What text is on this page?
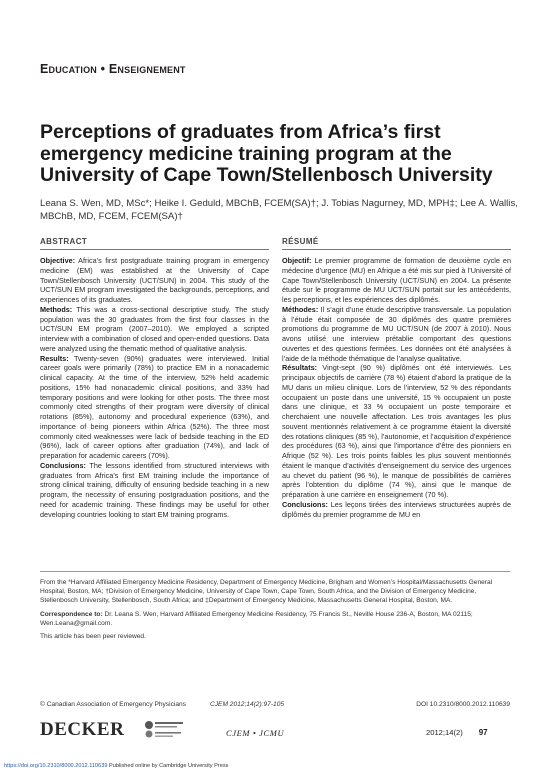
Education • Enseignement
Perceptions of graduates from Africa’s first emergency medicine training program at the University of Cape Town/Stellenbosch University
Leana S. Wen, MD, MSc*; Heike I. Geduld, MBChB, FCEM(SA)†; J. Tobias Nagurney, MD, MPH‡; Lee A. Wallis, MBChB, MD, FCEM, FCEM(SA)†
ABSTRACT

Objective: Africa’s first postgraduate training program in emergency medicine (EM) was established at the University of Cape Town/Stellenbosch University (UCT/SUN) in 2004. This study of the UCT/SUN EM program investigated the backgrounds, perceptions, and experiences of its graduates.

Methods: This was a cross-sectional descriptive study. The study population was the 30 graduates from the first four classes in the UCT/SUN EM program (2007–2010). We employed a scripted interview with a combination of closed and open-ended questions. Data were analyzed using the thematic method of qualitative analysis.

Results: Twenty-seven (90%) graduates were interviewed. Initial career goals were primarily (78%) to practice EM in a nonacademic clinical capacity. At the time of the interview, 52% held academic positions, 15% had nonacademic clinical positions, and 33% had temporary positions and were looking for other posts. The three most commonly cited strengths of their program were diversity of clinical rotations (85%), autonomy and procedural experience (63%), and importance of being pioneers within Africa (52%). The three most commonly cited weaknesses were lack of bedside teaching in the ED (96%), lack of career options after graduation (74%), and lack of preparation for academic careers (70%).

Conclusions: The lessons identified from structured interviews with graduates from Africa’s first EM training include the importance of strong clinical training, difficulty of ensuring bedside teaching in a new program, the necessity of ensuring postgraduation positions, and the need for academic training. These findings may be useful for other developing countries looking to start EM training programs.

RÉSUMÉ

Objectif: Le premier programme de formation de deuxième cycle en médecine d’urgence (MU) en Afrique a été mis sur pied à l’Université of Cape Town/Stellenbosch University (UCT/SUN) en 2004. La présente étude sur le programme de MU UCT/SUN portait sur les antécédents, les perceptions, et les expériences des diplômés.

Méthodes: Il s’agit d’une étude descriptive transversale. La population à l’étude était composée de 30 diplômés des quatre premières promotions du programme de MU UCT/SUN (de 2007 à 2010). Nous avons utilisé une interview prétablie comportant des questions ouvertes et des questions fermées. Les données ont été analysées à l’aide de la méthode thématique de l’analyse qualitative.

Résultats: Vingt-sept (90 %) diplômés ont été interviewés. Les principaux objectifs de carrière (78 %) étaient d’abord la pratique de la MU dans un milieu clinique. Lors de l’interview, 52 % des répondants occupaient un poste dans une université, 15 % occupaient un poste dans une clinique, et 33 % occupaient un poste temporaire et cherchaient une nouvelle affectation. Les trois avantages les plus souvent mentionnés relativement à ce programme étaient la diversité des rotations cliniques (85 %), l’autonomie, et l’acquisition d’expérience des procédures (63 %), ainsi que l’importance d’être des pionniers en Afrique (52 %). Les trois points faibles les plus souvent mentionnés étaient le manque d’activités d’enseignement du service des urgences au chevet du patient (96 %), le manque de possibilités de carrières après l’obtention du diplôme (74 %), ainsi que le manque de préparation à une carrière en enseignement (70 %).

Conclusions: Les leçons tirées des interviews structurées auprès de diplômés du premier programme de MU en

From the *Harvard Affiliated Emergency Medicine Residency, Department of Emergency Medicine, Brigham and Women’s Hospital/Massachusetts General Hospital, Boston, MA; †Division of Emergency Medicine, University of Cape Town, Cape Town, South Africa, and the Division of Emergency Medicine, Stellenbosch University, Stellenbosch, South Africa; and ‡Department of Emergency Medicine, Massachusetts General Hospital, Boston, MA.
Correspondence to: Dr. Leana S. Wen, Harvard Affiliated Emergency Medicine Residency, 75 Francis St., Neville House 236-A, Boston, MA 02115; Wen.Leana@gmail.com.
This article has been peer reviewed.
© Canadian Association of Emergency Physicians	CJEM 2012;14(2):97-105	DOI 10.2310/8000.2012.110639
DECKER	CJEM • JCMU	2012;14(2) 97
https://doi.org/10.2310/8000.2012.110639 Published online by Cambridge University Press
